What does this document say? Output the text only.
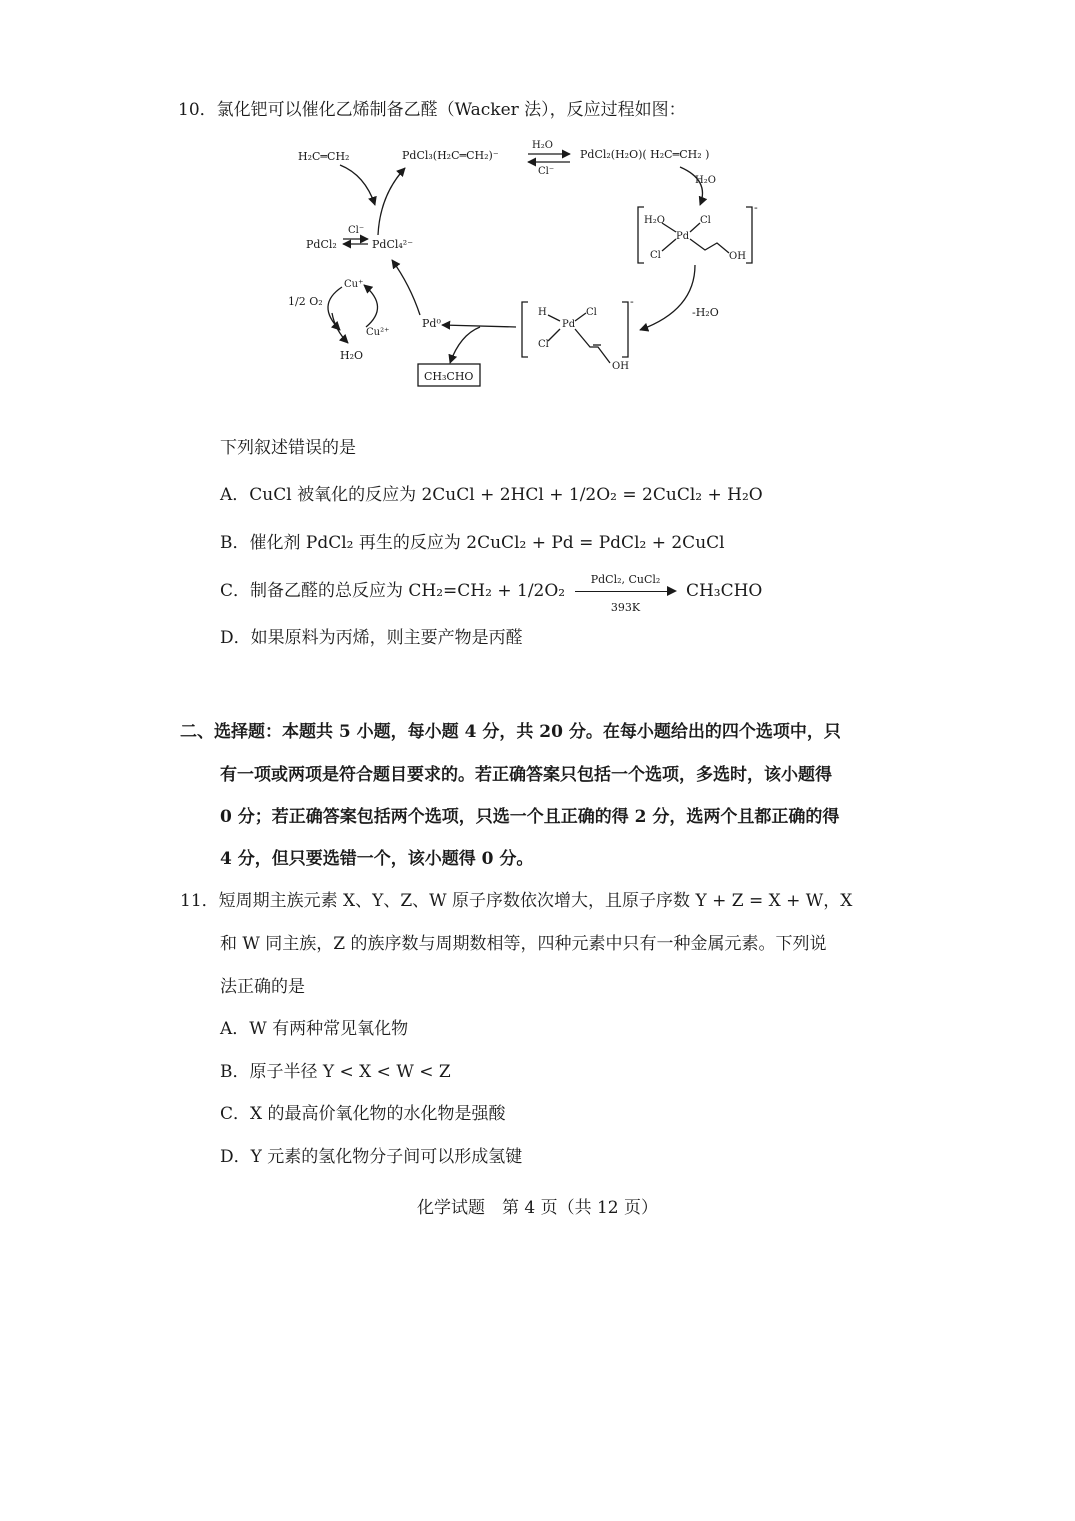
10．氯化钯可以催化乙烯制备乙醛（Wacker 法），反应过程如图：
H₂C═CH₂	PdCl₃(H₂C═CH₂)⁻
H₂O
Cl⁻
PdCl₂(H₂O)( H₂C═CH₂ )
H₂O
H₂O	Cl
Pd
Cl	OH
-
-H₂O
H
Pd
Cl
Cl
OH
-
PdCl₂	PdCl₄²⁻
Cl⁻
Cu⁺
Cu²⁺
1/2 O₂
H₂O
Pd⁰
CH₃CHO
下列叙述错误的是
A．CuCl 被氧化的反应为 2CuCl + 2HCl + 1/2O₂ = 2CuCl₂ + H₂O
B．催化剂 PdCl₂ 再生的反应为 2CuCl₂ + Pd = PdCl₂ + 2CuCl
C．制备乙醛的总反应为 CH₂=CH₂ + 1/2O₂
PdCl₂, CuCl₂
393K
CH₃CHO
D．如果原料为丙烯，则主要产物是丙醛
二、选择题：本题共 5 小题，每小题 4 分，共 20 分。在每小题给出的四个选项中，只
有一项或两项是符合题目要求的。若正确答案只包括一个选项，多选时，该小题得
0 分；若正确答案包括两个选项，只选一个且正确的得 2 分，选两个且都正确的得
4 分，但只要选错一个，该小题得 0 分。
11．短周期主族元素 X、Y、Z、W 原子序数依次增大，且原子序数 Y + Z = X + W，X
和 W 同主族，Z 的族序数与周期数相等，四种元素中只有一种金属元素。下列说
法正确的是
A．W 有两种常见氧化物
B．原子半径 Y < X < W < Z
C．X 的最高价氧化物的水化物是强酸
D．Y 元素的氢化物分子间可以形成氢键
化学试题　第 4 页（共 12 页）
